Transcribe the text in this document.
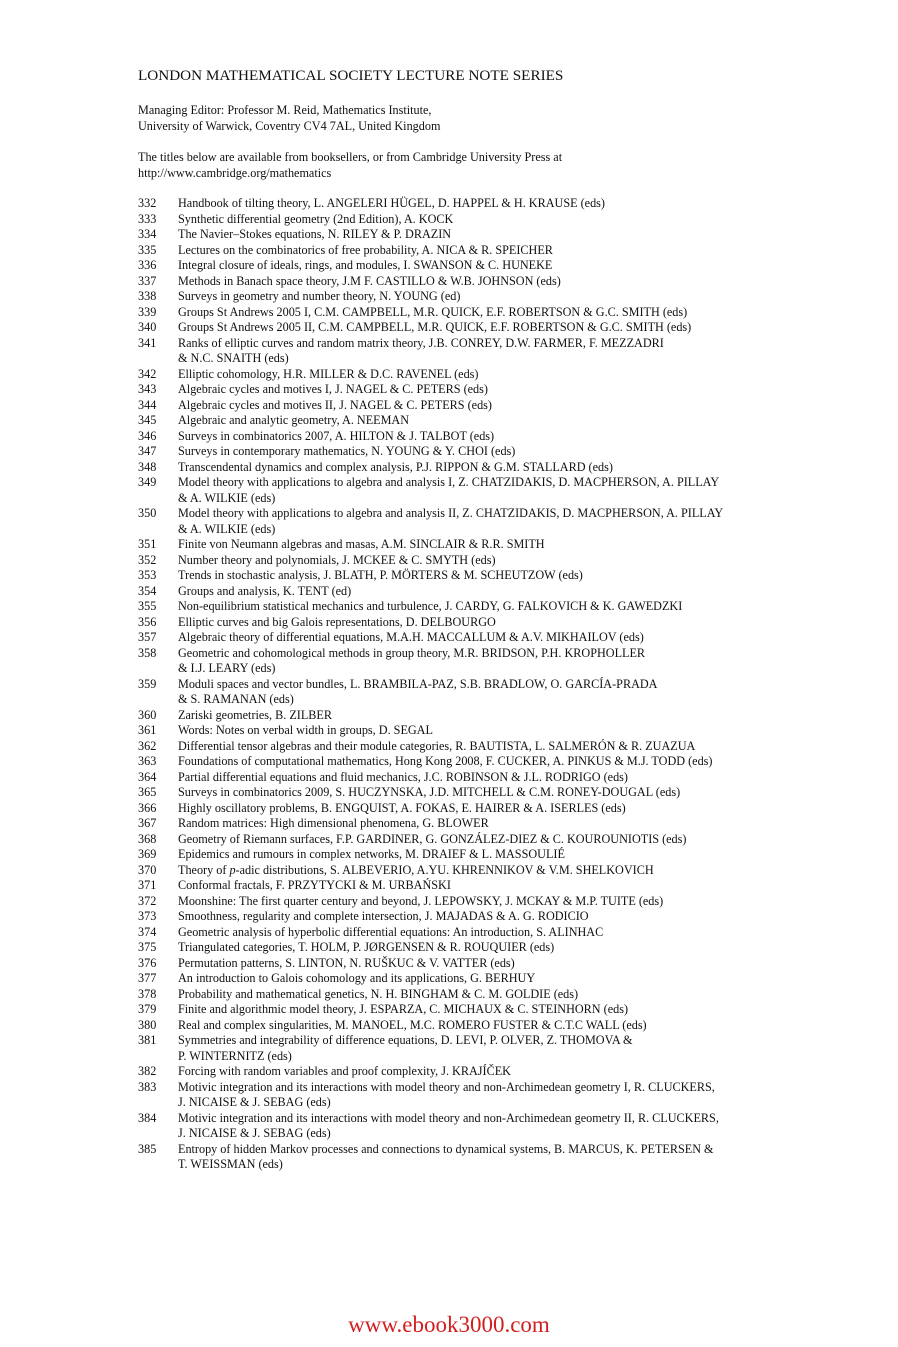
LONDON MATHEMATICAL SOCIETY LECTURE NOTE SERIES
Managing Editor: Professor M. Reid, Mathematics Institute,
University of Warwick, Coventry CV4 7AL, United Kingdom
The titles below are available from booksellers, or from Cambridge University Press at
http://www.cambridge.org/mathematics
332	Handbook of tilting theory, L. ANGELERI HÜGEL, D. HAPPEL & H. KRAUSE (eds)
333	Synthetic differential geometry (2nd Edition), A. KOCK
334	The Navier–Stokes equations, N. RILEY & P. DRAZIN
335	Lectures on the combinatorics of free probability, A. NICA & R. SPEICHER
336	Integral closure of ideals, rings, and modules, I. SWANSON & C. HUNEKE
337	Methods in Banach space theory, J.M F. CASTILLO & W.B. JOHNSON (eds)
338	Surveys in geometry and number theory, N. YOUNG (ed)
339	Groups St Andrews 2005 I, C.M. CAMPBELL, M.R. QUICK, E.F. ROBERTSON & G.C. SMITH (eds)
340	Groups St Andrews 2005 II, C.M. CAMPBELL, M.R. QUICK, E.F. ROBERTSON & G.C. SMITH (eds)
341	Ranks of elliptic curves and random matrix theory, J.B. CONREY, D.W. FARMER, F. MEZZADRI
& N.C. SNAITH (eds)
342	Elliptic cohomology, H.R. MILLER & D.C. RAVENEL (eds)
343	Algebraic cycles and motives I, J. NAGEL & C. PETERS (eds)
344	Algebraic cycles and motives II, J. NAGEL & C. PETERS (eds)
345	Algebraic and analytic geometry, A. NEEMAN
346	Surveys in combinatorics 2007, A. HILTON & J. TALBOT (eds)
347	Surveys in contemporary mathematics, N. YOUNG & Y. CHOI (eds)
348	Transcendental dynamics and complex analysis, P.J. RIPPON & G.M. STALLARD (eds)
349	Model theory with applications to algebra and analysis I, Z. CHATZIDAKIS, D. MACPHERSON, A. PILLAY
& A. WILKIE (eds)
350	Model theory with applications to algebra and analysis II, Z. CHATZIDAKIS, D. MACPHERSON, A. PILLAY
& A. WILKIE (eds)
351	Finite von Neumann algebras and masas, A.M. SINCLAIR & R.R. SMITH
352	Number theory and polynomials, J. MCKEE & C. SMYTH (eds)
353	Trends in stochastic analysis, J. BLATH, P. MÖRTERS & M. SCHEUTZOW (eds)
354	Groups and analysis, K. TENT (ed)
355	Non-equilibrium statistical mechanics and turbulence, J. CARDY, G. FALKOVICH & K. GAWEDZKI
356	Elliptic curves and big Galois representations, D. DELBOURGO
357	Algebraic theory of differential equations, M.A.H. MACCALLUM & A.V. MIKHAILOV (eds)
358	Geometric and cohomological methods in group theory, M.R. BRIDSON, P.H. KROPHOLLER
& I.J. LEARY (eds)
359	Moduli spaces and vector bundles, L. BRAMBILA-PAZ, S.B. BRADLOW, O. GARCÍA-PRADA
& S. RAMANAN (eds)
360	Zariski geometries, B. ZILBER
361	Words: Notes on verbal width in groups, D. SEGAL
362	Differential tensor algebras and their module categories, R. BAUTISTA, L. SALMERÓN & R. ZUAZUA
363	Foundations of computational mathematics, Hong Kong 2008, F. CUCKER, A. PINKUS & M.J. TODD (eds)
364	Partial differential equations and fluid mechanics, J.C. ROBINSON & J.L. RODRIGO (eds)
365	Surveys in combinatorics 2009, S. HUCZYNSKA, J.D. MITCHELL & C.M. RONEY-DOUGAL (eds)
366	Highly oscillatory problems, B. ENGQUIST, A. FOKAS, E. HAIRER & A. ISERLES (eds)
367	Random matrices: High dimensional phenomena, G. BLOWER
368	Geometry of Riemann surfaces, F.P. GARDINER, G. GONZÁLEZ-DIEZ & C. KOUROUNIOTIS (eds)
369	Epidemics and rumours in complex networks, M. DRAIEF & L. MASSOULIÉ
370	Theory of p-adic distributions, S. ALBEVERIO, A.YU. KHRENNIKOV & V.M. SHELKOVICH
371	Conformal fractals, F. PRZYTYCKI & M. URBAŃSKI
372	Moonshine: The first quarter century and beyond, J. LEPOWSKY, J. MCKAY & M.P. TUITE (eds)
373	Smoothness, regularity and complete intersection, J. MAJADAS & A. G. RODICIO
374	Geometric analysis of hyperbolic differential equations: An introduction, S. ALINHAC
375	Triangulated categories, T. HOLM, P. JØRGENSEN & R. ROUQUIER (eds)
376	Permutation patterns, S. LINTON, N. RUŠKUC & V. VATTER (eds)
377	An introduction to Galois cohomology and its applications, G. BERHUY
378	Probability and mathematical genetics, N. H. BINGHAM & C. M. GOLDIE (eds)
379	Finite and algorithmic model theory, J. ESPARZA, C. MICHAUX & C. STEINHORN (eds)
380	Real and complex singularities, M. MANOEL, M.C. ROMERO FUSTER & C.T.C WALL (eds)
381	Symmetries and integrability of difference equations, D. LEVI, P. OLVER, Z. THOMOVA &
P. WINTERNITZ (eds)
382	Forcing with random variables and proof complexity, J. KRAJÍČEK
383	Motivic integration and its interactions with model theory and non-Archimedean geometry I, R. CLUCKERS,
J. NICAISE & J. SEBAG (eds)
384	Motivic integration and its interactions with model theory and non-Archimedean geometry II, R. CLUCKERS,
J. NICAISE & J. SEBAG (eds)
385	Entropy of hidden Markov processes and connections to dynamical systems, B. MARCUS, K. PETERSEN &
T. WEISSMAN (eds)
www.ebook3000.com
